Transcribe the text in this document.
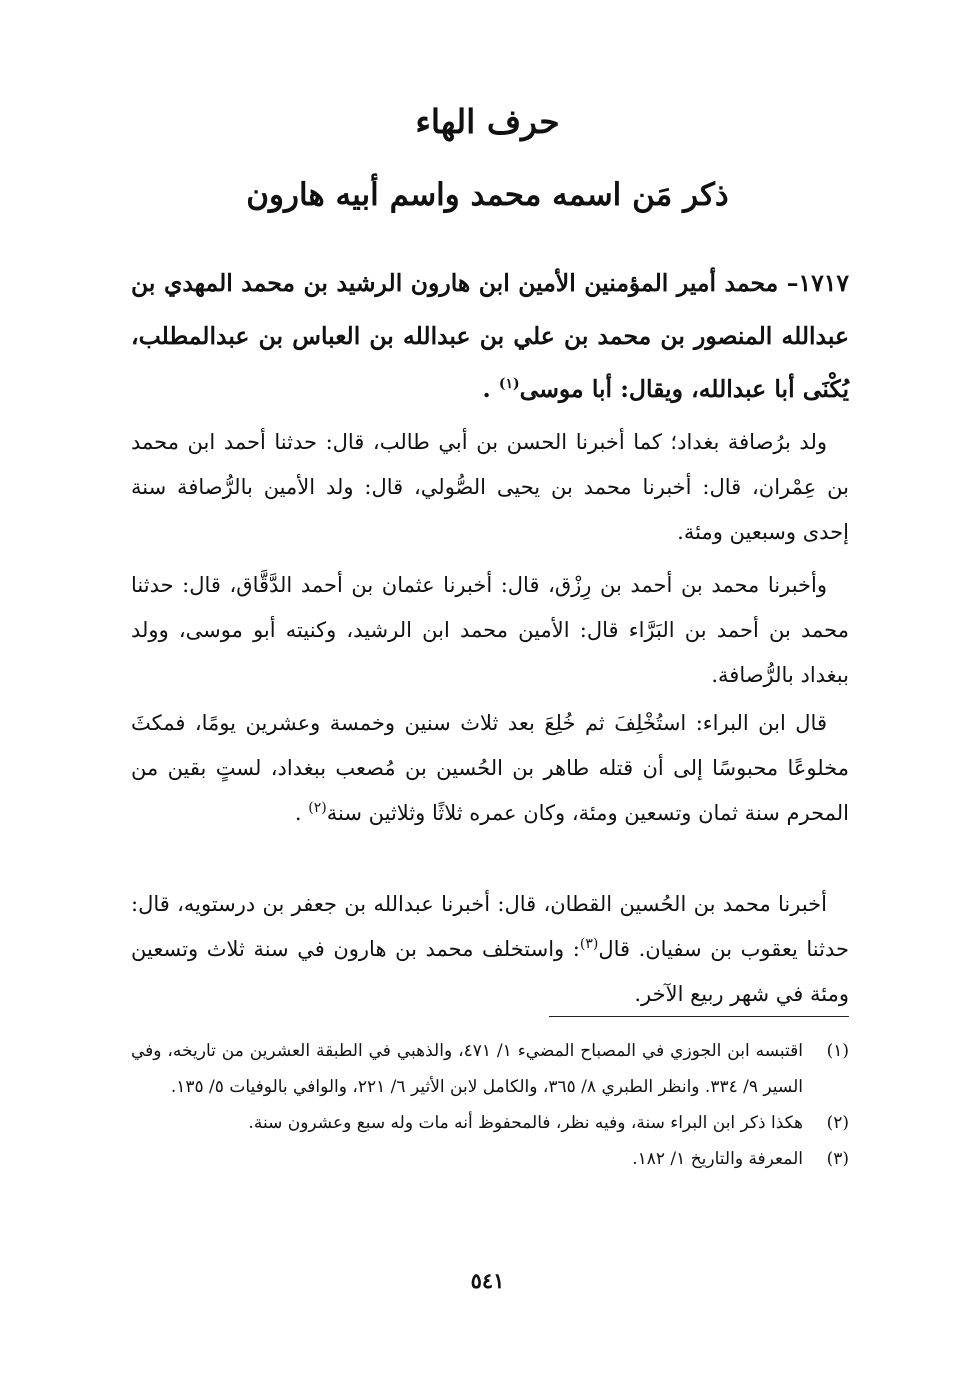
حرف الهاء
ذكر مَن اسمه محمد واسم أبيه هارون
١٧١٧– محمد أمير المؤمنين الأمين ابن هارون الرشيد بن محمد المهدي بن عبدالله المنصور بن محمد بن علي بن عبدالله بن العباس بن عبدالمطلب، يُكْنَى أبا عبدالله، ويقال: أبا موسى$^{(١)}$ .
ولد برُصافة بغداد؛ كما أخبرنا الحسن بن أبي طالب، قال: حدثنا أحمد ابن محمد بن عِمْران، قال: أخبرنا محمد بن يحيى الصُّولي، قال: ولد الأمين بالرُّصافة سنة إحدى وسبعين ومئة.
وأخبرنا محمد بن أحمد بن رِزْق، قال: أخبرنا عثمان بن أحمد الدَّقَّاق، قال: حدثنا محمد بن أحمد بن البَرَّاء قال: الأمين محمد ابن الرشيد، وكنيته أبو موسى، وولد ببغداد بالرُّصافة.
قال ابن البراء: استُخْلِفَ ثم خُلِعَ بعد ثلاث سنين وخمسة وعشرين يومًا، فمكثَ مخلوعًا محبوسًا إلى أن قتله طاهر بن الحُسين بن مُصعب ببغداد، لستٍ بقين من المحرم سنة ثمان وتسعين ومئة، وكان عمره ثلاثًا وثلاثين سنة$^{(٢)}$ .
أخبرنا محمد بن الحُسين القطان، قال: أخبرنا عبدالله بن جعفر بن درستويه، قال: حدثنا يعقوب بن سفيان. قال$^{(٣)}$: واستخلف محمد بن هارون في سنة ثلاث وتسعين ومئة في شهر ربيع الآخر.
(١)
اقتبسه ابن الجوزي في المصباح المضيء ١/ ٤٧١، والذهبي في الطبقة العشرين من تاريخه، وفي السير ٩/ ٣٣٤. وانظر الطبري ٨/ ٣٦٥، والكامل لابن الأثير ٦/ ٢٢١، والوافي بالوفيات ٥/ ١٣٥.
(٢)
هكذا ذكر ابن البراء سنة، وفيه نظر، فالمحفوظ أنه مات وله سبع وعشرون سنة.
(٣)
المعرفة والتاريخ ١/ ١٨٢.
٥٤١
